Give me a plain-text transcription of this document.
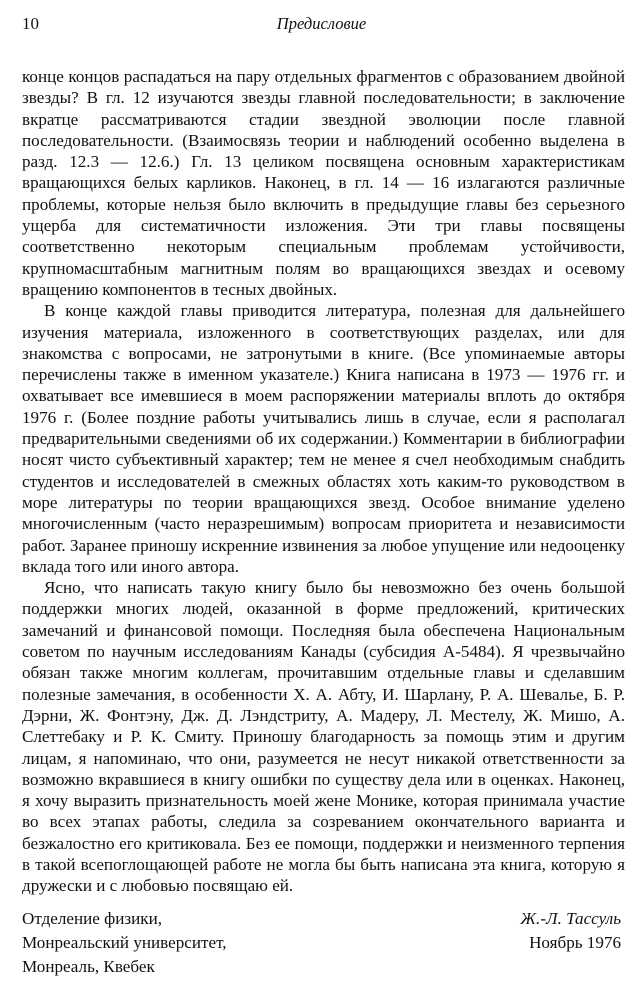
10	Предисловие

конце концов распадаться на пару отдельных фрагментов с образованием двойной звезды? В гл. 12 изучаются звезды главной последовательности; в заключение вкратце рассматриваются стадии звездной эволюции после главной последовательности. (Взаимосвязь теории и наблюдений особенно выделена в разд. 12.3 — 12.6.) Гл. 13 целиком посвящена основным характеристикам вращающихся белых карликов. Наконец, в гл. 14 — 16 излагаются различные проблемы, которые нельзя было включить в предыдущие главы без серьезного ущерба для систематичности изложения. Эти три главы посвящены соответственно некоторым специальным проблемам устойчивости, крупномасштабным магнитным полям во вращающихся звездах и осевому вращению компонентов в тесных двойных.

В конце каждой главы приводится литература, полезная для дальнейшего изучения материала, изложенного в соответствующих разделах, или для знакомства с вопросами, не затронутыми в книге. (Все упоминаемые авторы перечислены также в именном указателе.) Книга написана в 1973 — 1976 гг. и охватывает все имевшиеся в моем распоряжении материалы вплоть до октября 1976 г. (Более поздние работы учитывались лишь в случае, если я располагал предварительными сведениями об их содержании.) Комментарии в библиографии носят чисто субъективный характер; тем не менее я счел необходимым снабдить студентов и исследователей в смежных областях хоть каким-то руководством в море литературы по теории вращающихся звезд. Особое внимание уделено многочисленным (часто неразрешимым) вопросам приоритета и независимости работ. Заранее приношу искренние извинения за любое упущение или недооценку вклада того или иного автора.

Ясно, что написать такую книгу было бы невозможно без очень большой поддержки многих людей, оказанной в форме предложений, критических замечаний и финансовой помощи. Последняя была обеспечена Национальным советом по научным исследованиям Канады (субсидия А-5484). Я чрезвычайно обязан также многим коллегам, прочитавшим отдельные главы и сделавшим полезные замечания, в особенности Х. А. Абту, И. Шарлану, Р. А. Шевалье, Б. Р. Дэрни, Ж. Фонтэну, Дж. Д. Лэндстриту, А. Мадеру, Л. Местелу, Ж. Мишо, А. Слеттебаку и Р. К. Смиту. Приношу благодарность за помощь этим и другим лицам, я напоминаю, что они, разумеется не несут никакой ответственности за возможно вкравшиеся в книгу ошибки по существу дела или в оценках. Наконец, я хочу выразить признательность моей жене Монике, которая принимала участие во всех этапах работы, следила за созреванием окончательного варианта и безжалостно его критиковала. Без ее помощи, поддержки и неизменного терпения в такой всепоглощающей работе не могла бы быть написана эта книга, которую я дружески и с любовью посвящаю ей.

Отделение физики,
Монреальский университет,
Монреаль, Квебек
Ж.-Л. Тассуль
Ноябрь 1976
